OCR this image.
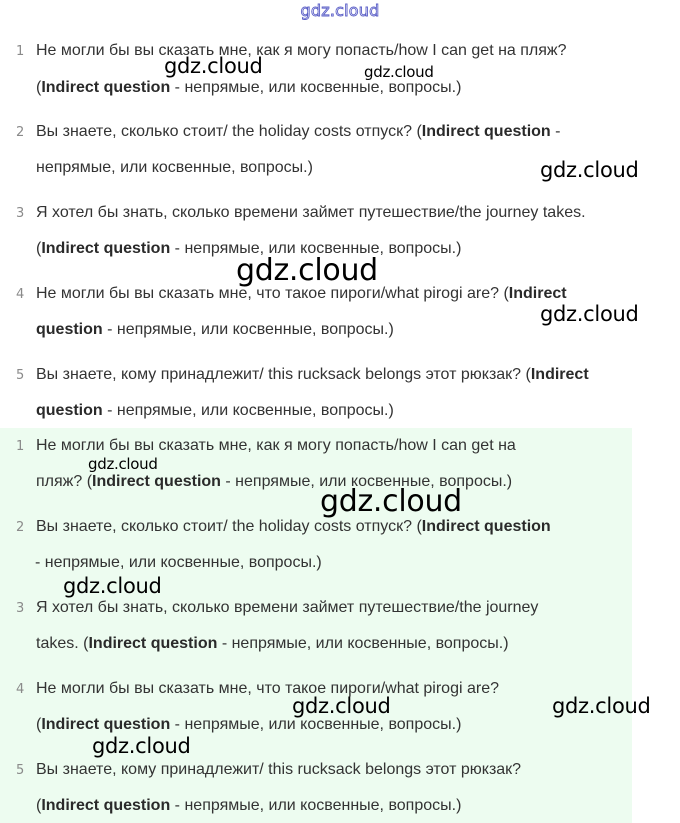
gdz.cloud
1 Не могли бы вы сказать мне, как я могу попасть/how I can get на пляж?
(Indirect question - непрямые, или косвенные, вопросы.)
2 Вы знаете, сколько стоит/ the holiday costs отпуск? (Indirect question -
непрямые, или косвенные, вопросы.)
3 Я хотел бы знать, сколько времени займет путешествие/the journey takes.
(Indirect question - непрямые, или косвенные, вопросы.)
4 Не могли бы вы сказать мне, что такое пироги/what pirogi are? (Indirect
question - непрямые, или косвенные, вопросы.)
5 Вы знаете, кому принадлежит/ this rucksack belongs этот рюкзак? (Indirect
question - непрямые, или косвенные, вопросы.)
1 Не могли бы вы сказать мне, как я могу попасть/how I can get на
пляж? (Indirect question - непрямые, или косвенные, вопросы.)
2 Вы знаете, сколько стоит/ the holiday costs отпуск? (Indirect question
- непрямые, или косвенные, вопросы.)
3 Я хотел бы знать, сколько времени займет путешествие/the journey
takes. (Indirect question - непрямые, или косвенные, вопросы.)
4 Не могли бы вы сказать мне, что такое пироги/what pirogi are?
(Indirect question - непрямые, или косвенные, вопросы.)
5 Вы знаете, кому принадлежит/ this rucksack belongs этот рюкзак?
(Indirect question - непрямые, или косвенные, вопросы.)
gdz.cloud	gdz.cloud
gdz.cloud
gdz.cloud
gdz.cloud
gdz.cloud
gdz.cloud
gdz.cloud
gdz.cloud	gdz.cloud
gdz.cloud
